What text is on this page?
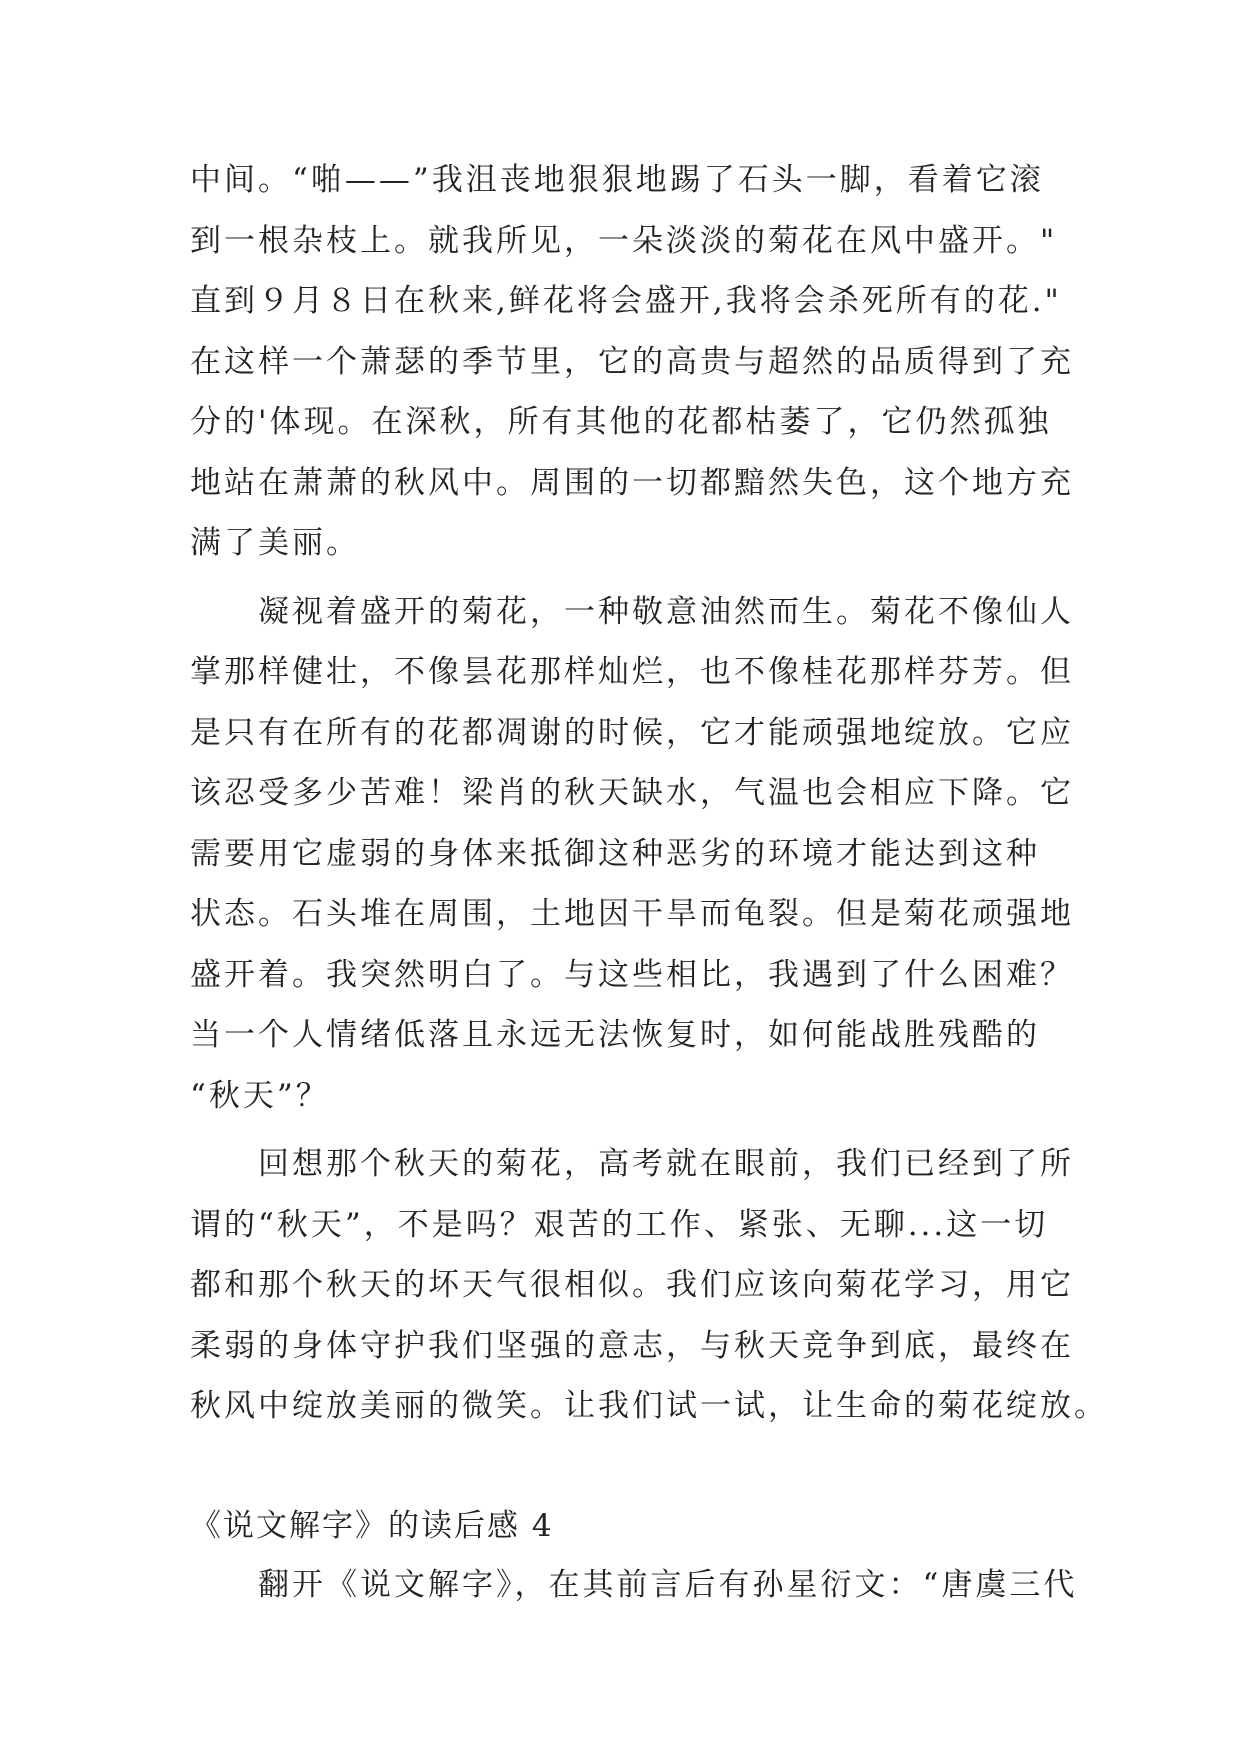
中间。“啪——”我沮丧地狠狠地踢了石头一脚，看着它滚
到一根杂枝上。就我所见，一朵淡淡的菊花在风中盛开。"
直到９月８日在秋来,鲜花将会盛开,我将会杀死所有的花."
在这样一个萧瑟的季节里，它的高贵与超然的品质得到了充
分的'体现。在深秋，所有其他的花都枯萎了，它仍然孤独
地站在萧萧的秋风中。周围的一切都黯然失色，这个地方充
满了美丽。
　　凝视着盛开的菊花，一种敬意油然而生。菊花不像仙人
掌那样健壮，不像昙花那样灿烂，也不像桂花那样芬芳。但
是只有在所有的花都凋谢的时候，它才能顽强地绽放。它应
该忍受多少苦难！梁肖的秋天缺水，气温也会相应下降。它
需要用它虚弱的身体来抵御这种恶劣的环境才能达到这种
状态。石头堆在周围，土地因干旱而龟裂。但是菊花顽强地
盛开着。我突然明白了。与这些相比，我遇到了什么困难？
当一个人情绪低落且永远无法恢复时，如何能战胜残酷的
“秋天”？
　　回想那个秋天的菊花，高考就在眼前，我们已经到了所
谓的“秋天”，不是吗？艰苦的工作、紧张、无聊...这一切
都和那个秋天的坏天气很相似。我们应该向菊花学习，用它
柔弱的身体守护我们坚强的意志，与秋天竞争到底，最终在
秋风中绽放美丽的微笑。让我们试一试，让生命的菊花绽放。
《说文解字》的读后感 4
　　翻开《说文解字》，在其前言后有孙星衍文：“唐虞三代
